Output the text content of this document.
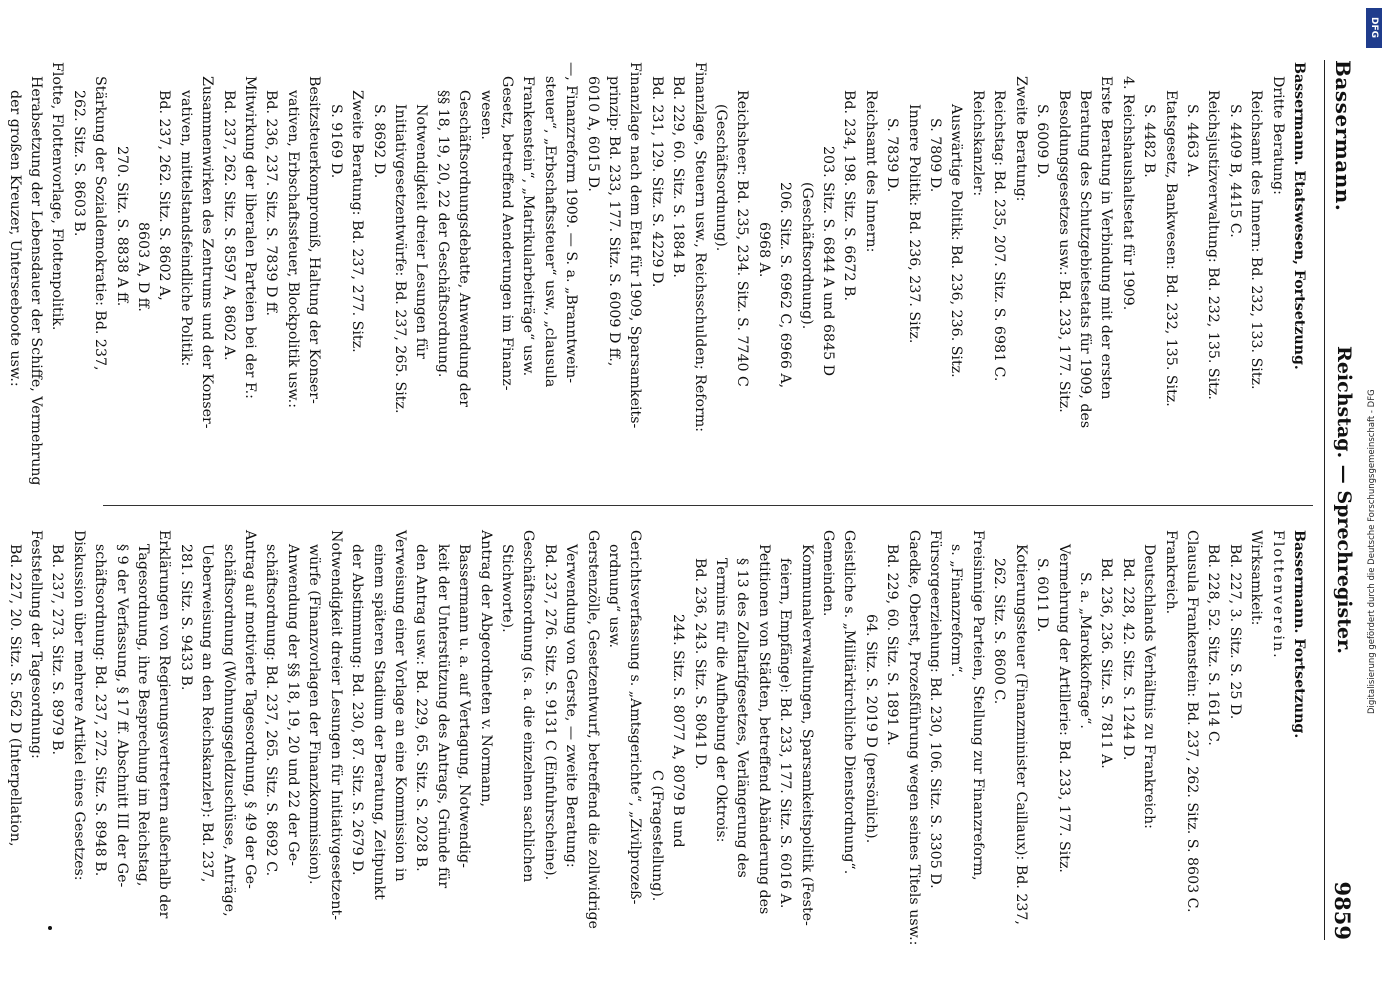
Bassermann.
Reichstag. — Sprechregister.
9859
Bassermann. Etatswesen, Fortsetzung.
Dritte Beratung:
Reichsamt des Innern: Bd. 232, 133. Sitz.
S. 4409 B, 4415 C.
Reichsjustizverwaltung: Bd. 232, 135. Sitz.
S. 4463 A.
Etatsgesetz, Bankwesen: Bd. 232, 135. Sitz.
S. 4482 B.
4. Reichshaushaltsetat für 1909.
Erste Beratung in Verbindung mit der ersten
Beratung des Schutzgebietsetats für 1909, des
Besoldungsgesetzes usw.: Bd. 233, 177. Sitz.
S. 6009 D.
Zweite Beratung:
Reichstag: Bd. 235, 207. Sitz. S. 6981 C.
Reichskanzler:
Auswärtige Politik: Bd. 236, 236. Sitz.
S. 7809 D.
Innere Politik: Bd. 236, 237. Sitz.
S. 7839 D.
Reichsamt des Innern:
Bd. 234, 198. Sitz. S. 6672 B.
203. Sitz. S. 6844 A und 6845 D
(Geschäftsordnung).
206. Sitz. S. 6962 C, 6966 A,
6968 A.
Reichsheer: Bd. 235, 234. Sitz. S. 7740 C
(Geschäftsordnung).
Finanzlage, Steuern usw., Reichsschulden; Reform:
Bd. 229, 60. Sitz. S. 1884 B.
Bd. 231, 129. Sitz. S. 4229 D.
Finanzlage nach dem Etat für 1909, Sparsamkeits-
prinzip: Bd. 233, 177. Sitz. S. 6009 D ff.,
6010 A, 6015 D.
—, Finanzreform 1909. — S. a. „Branntwein-
steuer“, „Erbschaftssteuer“ usw., „clausula
Frankenstein“, „Matrikularbeiträge“ usw.
Gesetz, betreffend Aenderungen im Finanz-
wesen.
Geschäftsordnungsdebatte, Anwendung der
§§ 18, 19, 20, 22 der Geschäftsordnung.
Notwendigkeit dreier Lesungen für
Initiativgesetzentwürfe: Bd. 237, 265. Sitz.
S. 8692 D.
Zweite Beratung: Bd. 237, 277. Sitz.
S. 9169 D.
Besitzsteuerkompromiß, Haltung der Konser-
vativen, Erbschaftssteuer, Blockpolitik usw.:
Bd. 236, 237. Sitz. S. 7839 D ff.
Mitwirkung der liberalen Parteien bei der F.:
Bd. 237, 262. Sitz. S. 8597 A, 8602 A.
Zusammenwirken des Zentrums und der Konser-
vativen, mittelstandsfeindliche Politik:
Bd. 237, 262. Sitz. S. 8602 A,
8603 A, D ff.
270. Sitz. S. 8838 A ff.
Stärkung der Sozialdemokratie: Bd. 237,
262. Sitz. S. 8603 B.
Flotte, Flottenvorlage, Flottenpolitik.
Herabsetzung der Lebensdauer der Schiffe, Vermehrung
der großen Kreuzer, Unterseeboote usw.:
Bassermann. Fortsetzung.
Flottenverein.
Wirksamkeit:
Bd. 227, 3. Sitz. S. 25 D.
Bd. 228, 52. Sitz. S. 1614 C.
Clausula Frankenstein: Bd. 237, 262. Sitz. S. 8603 C.
Frankreich.
Deutschlands Verhältnis zu Frankreich:
Bd. 228, 42. Sitz. S. 1244 D.
Bd. 236, 236. Sitz. S. 7811 A.
S. a. „Marokkofrage“.
Vermehrung der Artillerie: Bd. 233, 177. Sitz.
S. 6011 D.
Kotierungssteuer (Finanzminister Caillaux): Bd. 237,
262. Sitz. S. 8600 C.
Freisinnige Parteien, Stellung zur Finanzreform,
s. „Finanzreform“.
Fürsorgeerziehung: Bd. 230, 106. Sitz. S. 3305 D.
Gaedke, Oberst, Prozeßführung wegen seines Titels usw.:
Bd. 229, 60. Sitz. S. 1891 A.
64. Sitz. S. 2019 D (persönlich).
Geistliche s. „Militärkirchliche Dienstordnung“.
Gemeinden.
Kommunalverwaltungen, Sparsamkeitspolitik (Feste-
feiern, Empfänge): Bd. 233, 177. Sitz. S. 6016 A.
Petitionen von Städten, betreffend Abänderung des
§ 13 des Zolltarifgesetzes, Verlängerung des
Termins für die Aufhebung der Oktrois:
Bd. 236, 243. Sitz. S. 8041 D.
244. Sitz. S. 8077 A, 8079 B und
C (Fragestellung).
Gerichtsverfassung s. „Amtsgerichte“, „Zivilprozeß-
ordnung“ usw.
Gerstenzölle, Gesetzentwurf, betreffend die zollwidrige
Verwendung von Gerste, — zweite Beratung:
Bd. 237, 276. Sitz. S. 9131 C (Einfuhrscheine).
Geschäftsordnung (s. a. die einzelnen sachlichen
Stichworte).
Antrag der Abgeordneten v. Normann,
Bassermann u. a. auf Vertagung, Notwendig-
keit der Unterstützung des Antrags, Gründe für
den Antrag usw.: Bd. 229, 65. Sitz. S. 2028 B.
Verweisung einer Vorlage an eine Kommission in
einem späteren Stadium der Beratung, Zeitpunkt
der Abstimmung: Bd. 230, 87. Sitz. S. 2679 D.
Notwendigkeit dreier Lesungen für Initiativgesetzent-
würfe (Finanzvorlagen der Finanzkommission).
Anwendung der §§ 18, 19, 20 und 22 der Ge-
schäftsordnung: Bd. 237, 265. Sitz. S. 8692 C.
Antrag auf motivierte Tagesordnung, § 49 der Ge-
schäftsordnung (Wohnungsgeldzuschüsse, Anträge,
Ueberweisung an den Reichskanzler): Bd. 237,
281. Sitz. S. 9433 B.
Erklärungen von Regierungsvertretern außerhalb der
Tagesordnung, ihre Besprechung im Reichstag,
§ 9 der Verfassung, § 17 ff. Abschnitt III der Ge-
schäftsordnung: Bd. 237, 272. Sitz. S. 8948 B.
Diskussion über mehrere Artikel eines Gesetzes:
Bd. 237, 273. Sitz. S. 8979 B.
Feststellung der Tagesordnung:
Bd. 227, 20. Sitz. S. 562 D (Interpellation,
DFG
Digitalisierung gefördert durch die Deutsche Forschungsgemeinschaft - DFG
